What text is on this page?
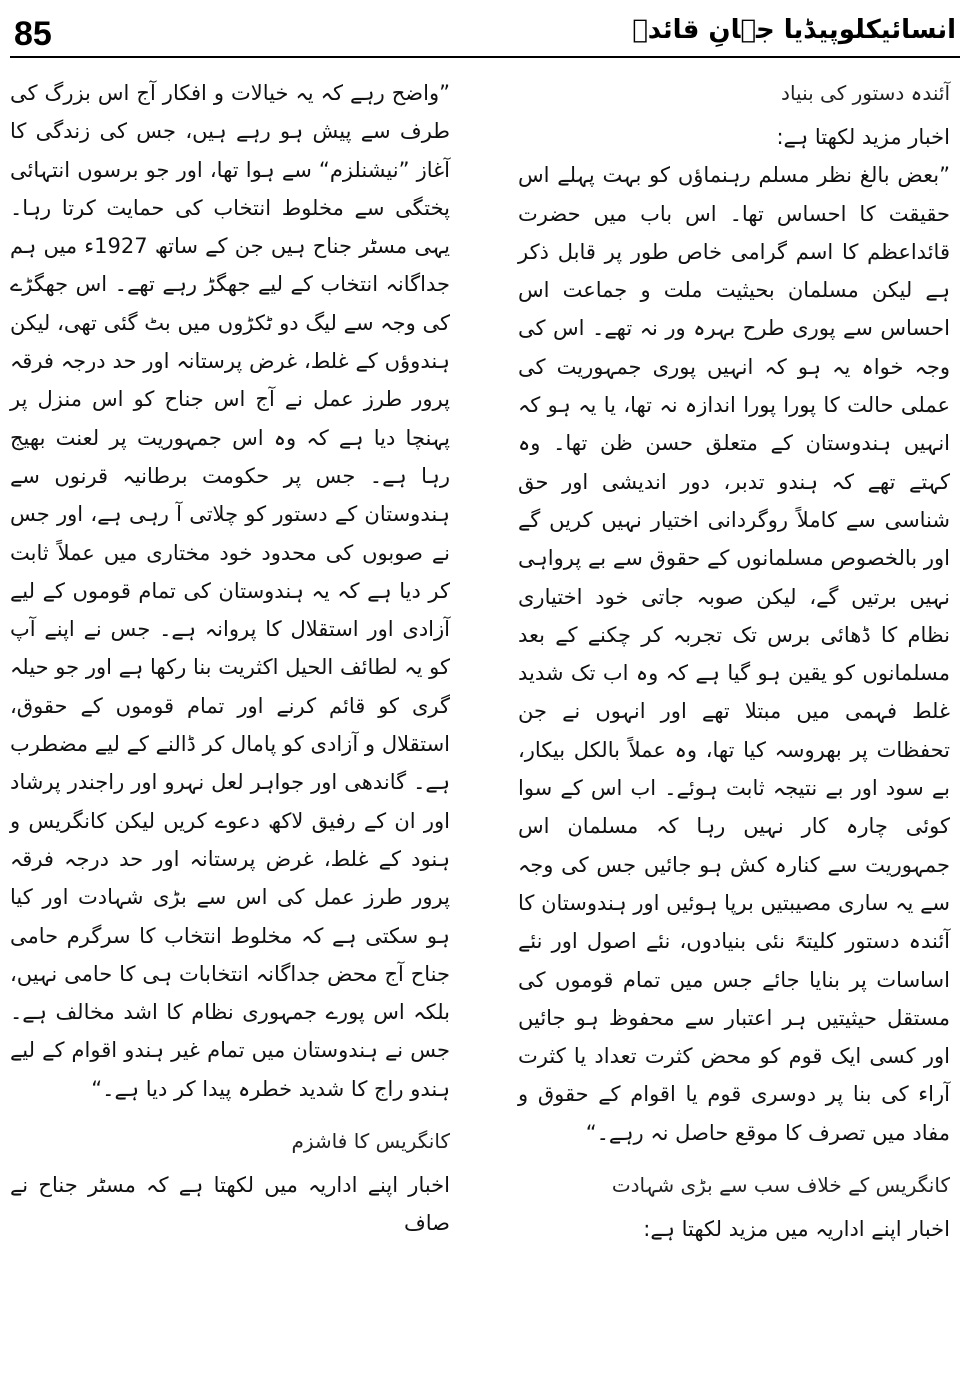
85	انسائیکلوپیڈیا جہانِ قائدؒ

آئندہ دستور کی بنیاد

اخبار مزید لکھتا ہے:

”بعض بالغ نظر مسلم رہنماؤں کو بہت پہلے اس حقیقت کا احساس تھا۔ اس باب میں حضرت قائداعظم کا اسم گرامی خاص طور پر قابل ذکر ہے لیکن مسلمان بحیثیت ملت و جماعت اس احساس سے پوری طرح بہرہ ور نہ تھے۔ اس کی وجہ خواہ یہ ہو کہ انہیں پوری جمہوریت کی عملی حالت کا پورا پورا اندازہ نہ تھا، یا یہ ہو کہ انہیں ہندوستان کے متعلق حسن ظن تھا۔ وہ کہتے تھے کہ ہندو تدبر، دور اندیشی اور حق شناسی سے کاملاً روگردانی اختیار نہیں کریں گے اور بالخصوص مسلمانوں کے حقوق سے بے پرواہی نہیں برتیں گے، لیکن صوبہ جاتی خود اختیاری نظام کا ڈھائی برس تک تجربہ کر چکنے کے بعد مسلمانوں کو یقین ہو گیا ہے کہ وہ اب تک شدید غلط فہمی میں مبتلا تھے اور انہوں نے جن تحفظات پر بھروسہ کیا تھا، وہ عملاً بالکل بیکار، بے سود اور بے نتیجہ ثابت ہوئے۔ اب اس کے سوا کوئی چارہ کار نہیں رہا کہ مسلمان اس جمہوریت سے کنارہ کش ہو جائیں جس کی وجہ سے یہ ساری مصیبتیں برپا ہوئیں اور ہندوستان کا آئندہ دستور کلیتہً نئی بنیادوں، نئے اصول اور نئے اساسات پر بنایا جائے جس میں تمام قوموں کی مستقل حیثیتیں ہر اعتبار سے محفوظ ہو جائیں اور کسی ایک قوم کو محض کثرت تعداد یا کثرت آراء کی بنا پر دوسری قوم یا اقوام کے حقوق و مفاد میں تصرف کا موقع حاصل نہ رہے۔“

کانگریس کے خلاف سب سے بڑی شہادت

اخبار اپنے اداریہ میں مزید لکھتا ہے:

”واضح رہے کہ یہ خیالات و افکار آج اس بزرگ کی طرف سے پیش ہو رہے ہیں، جس کی زندگی کا آغاز ”نیشنلزم“ سے ہوا تھا، اور جو برسوں انتہائی پختگی سے مخلوط انتخاب کی حمایت کرتا رہا۔ یہی مسٹر جناح ہیں جن کے ساتھ 1927ء میں ہم جداگانہ انتخاب کے لیے جھگڑ رہے تھے۔ اس جھگڑے کی وجہ سے لیگ دو ٹکڑوں میں بٹ گئی تھی، لیکن ہندوؤں کے غلط، غرض پرستانہ اور حد درجہ فرقہ پرور طرز عمل نے آج اس جناح کو اس منزل پر پہنچا دیا ہے کہ وہ اس جمہوریت پر لعنت بھیج رہا ہے۔ جس پر حکومت برطانیہ قرنوں سے ہندوستان کے دستور کو چلاتی آ رہی ہے، اور جس نے صوبوں کی محدود خود مختاری میں عملاً ثابت کر دیا ہے کہ یہ ہندوستان کی تمام قوموں کے لیے آزادی اور استقلال کا پروانہ ہے۔ جس نے اپنے آپ کو یہ لطائف الحیل اکثریت بنا رکھا ہے اور جو حیلہ گری کو قائم کرنے اور تمام قوموں کے حقوق، استقلال و آزادی کو پامال کر ڈالنے کے لیے مضطرب ہے۔ گاندھی اور جواہر لعل نہرو اور راجندر پرشاد اور ان کے رفیق لاکھ دعوے کریں لیکن کانگریس و ہنود کے غلط، غرض پرستانہ اور حد درجہ فرقہ پرور طرز عمل کی اس سے بڑی شہادت اور کیا ہو سکتی ہے کہ مخلوط انتخاب کا سرگرم حامی جناح آج محض جداگانہ انتخابات ہی کا حامی نہیں، بلکہ اس پورے جمہوری نظام کا اشد مخالف ہے۔ جس نے ہندوستان میں تمام غیر ہندو اقوام کے لیے ہندو راج کا شدید خطرہ پیدا کر دیا ہے۔“

کانگریس کا فاشزم

اخبار اپنے اداریہ میں لکھتا ہے کہ مسٹر جناح نے صاف
